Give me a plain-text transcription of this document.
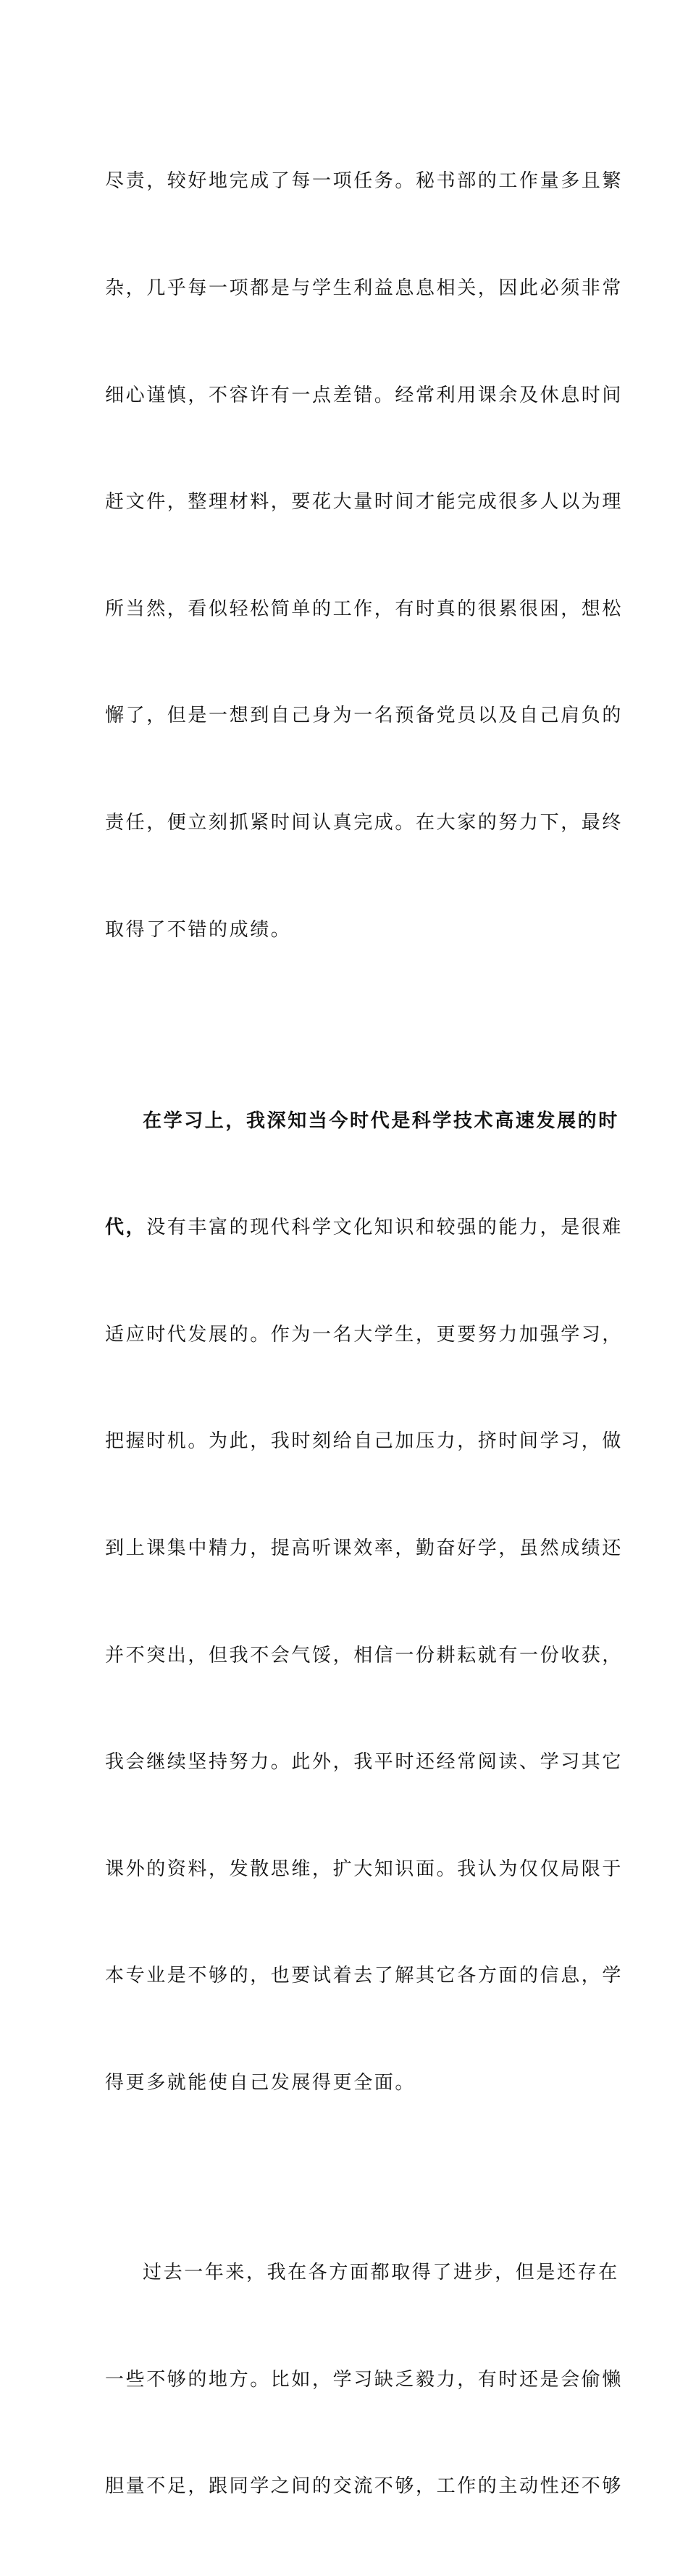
尽责，较好地完成了每一项任务。秘书部的工作量多且繁

杂，几乎每一项都是与学生利益息息相关，因此必须非常

细心谨慎，不容许有一点差错。经常利用课余及休息时间

赶文件，整理材料，要花大量时间才能完成很多人以为理

所当然，看似轻松简单的工作，有时真的很累很困，想松

懈了，但是一想到自己身为一名预备党员以及自己肩负的

责任，便立刻抓紧时间认真完成。在大家的努力下，最终

取得了不错的成绩。

在学习上，我深知当今时代是科学技术高速发展的时

代，没有丰富的现代科学文化知识和较强的能力，是很难

适应时代发展的。作为一名大学生，更要努力加强学习，

把握时机。为此，我时刻给自己加压力，挤时间学习，做

到上课集中精力，提高听课效率，勤奋好学，虽然成绩还

并不突出，但我不会气馁，相信一份耕耘就有一份收获，

我会继续坚持努力。此外，我平时还经常阅读、学习其它

课外的资料，发散思维，扩大知识面。我认为仅仅局限于

本专业是不够的，也要试着去了解其它各方面的信息，学

得更多就能使自己发展得更全面。

过去一年来，我在各方面都取得了进步，但是还存在

一些不够的地方。比如，学习缺乏毅力，有时还是会偷懒

胆量不足，跟同学之间的交流不够，工作的主动性还不够
